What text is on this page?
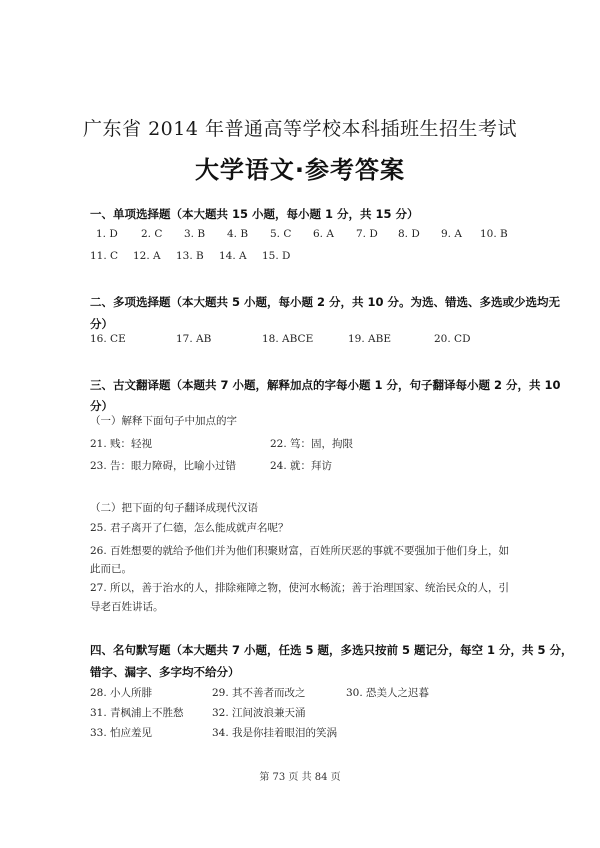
广东省 2014 年普通高等学校本科插班生招生考试
大学语文·参考答案
一、单项选择题（本大题共 15 小题，每小题 1 分，共 15 分）
1. D 2. C 3. B 4. B 5. C 6. A 7. D 8. D 9. A 10. B
11. C 12. A 13. B 14. A 15. D
二、多项选择题（本大题共 5 小题，每小题 2 分，共 10 分。为选、错选、多选或少选均无
分）
16. CE	17. AB	18. ABCE	19. ABE	20. CD
三、古文翻译题（本题共 7 小题，解释加点的字每小题 1 分，句子翻译每小题 2 分，共 10
分）
（一）解释下面句子中加点的字
21. 贱：轻视	22. 笃：固，拘限
23. 告：眼力障碍，比喻小过错	24. 就：拜访
（二）把下面的句子翻译成现代汉语
25. 君子离开了仁德，怎么能成就声名呢？
26. 百姓想要的就给予他们并为他们积聚财富，百姓所厌恶的事就不要强加于他们身上，如
此而已。
27. 所以，善于治水的人，排除雍障之物，使河水畅流；善于治理国家、统治民众的人，引
导老百姓讲话。
四、名句默写题（本大题共 7 小题，任选 5 题，多选只按前 5 题记分，每空 1 分，共 5 分，
错字、漏字、多字均不给分）
28. 小人所腓	29. 其不善者而改之	30. 恐美人之迟暮
31. 青枫浦上不胜愁	32. 江间波浪兼天涌
33. 怕应羞见	34. 我是你挂着眼泪的笑涡
第 73 页 共 84 页
